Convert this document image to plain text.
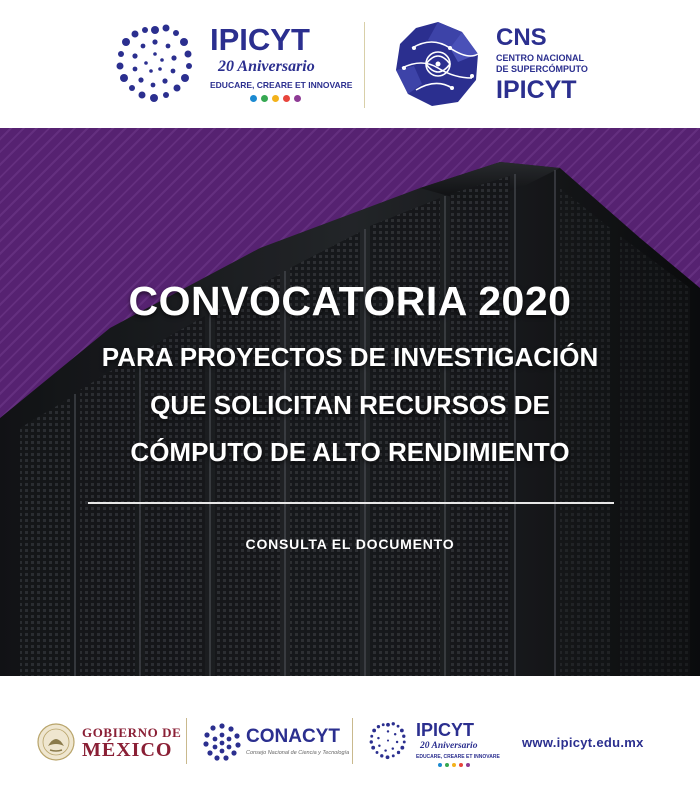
IPICYT
20 Aniversario
EDUCARE, CREARE ET INNOVARE
CNS
CENTRO NACIONAL
DE SUPERCÓMPUTO
IPICYT
CONVOCATORIA 2020
PARA PROYECTOS DE INVESTIGACIÓN
QUE SOLICITAN RECURSOS DE
CÓMPUTO DE ALTO RENDIMIENTO
CONSULTA EL DOCUMENTO
GOBIERNO DE
MÉXICO
CONACYT
Consejo Nacional de Ciencia y Tecnología
IPICYT
20 Aniversario
EDUCARE, CREARE ET INNOVARE
www.ipicyt.edu.mx
